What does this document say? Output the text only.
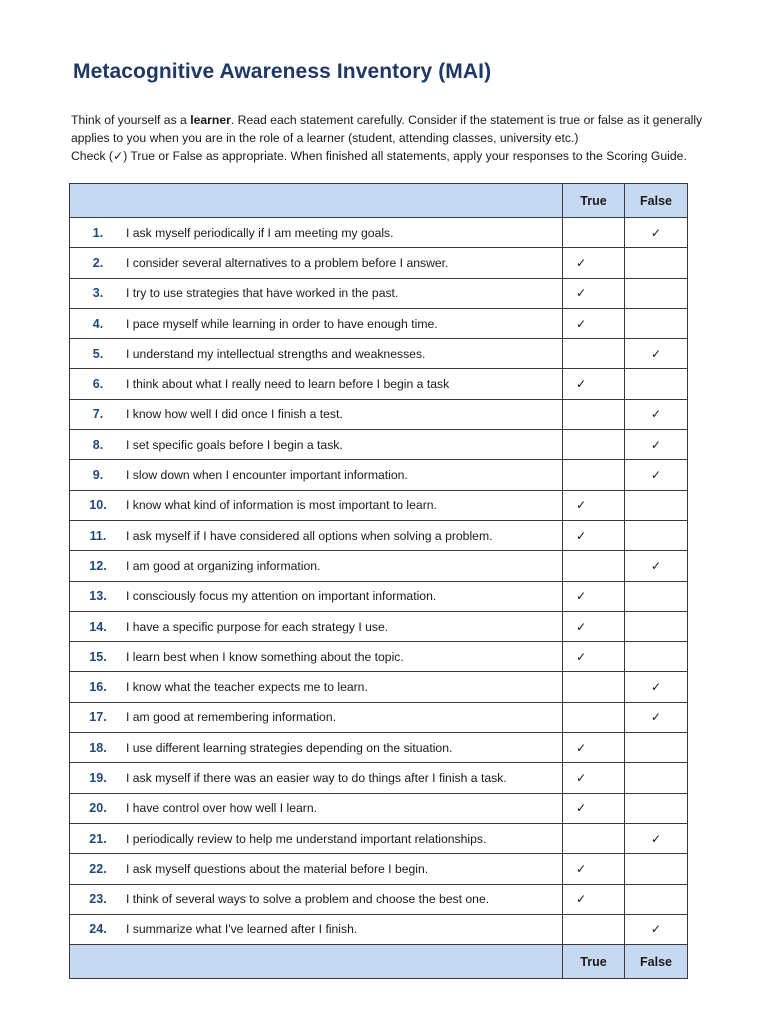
Metacognitive Awareness Inventory (MAI)

Think of yourself as a learner. Read each statement carefully. Consider if the statement is true or false as it generally

applies to you when you are in the role of a learner (student, attending classes, university etc.)

Check (✓) True or False as appropriate. When finished all statements, apply your responses to the Scoring Guide.

	True	False
1. I ask myself periodically if I am meeting my goals.		✓
2. I consider several alternatives to a problem before I answer.	✓	
3. I try to use strategies that have worked in the past.	✓	
4. I pace myself while learning in order to have enough time.	✓	
5. I understand my intellectual strengths and weaknesses.		✓
6. I think about what I really need to learn before I begin a task	✓	
7. I know how well I did once I finish a test.		✓
8. I set specific goals before I begin a task.		✓
9. I slow down when I encounter important information.		✓
10. I know what kind of information is most important to learn.	✓	
11. I ask myself if I have considered all options when solving a problem.	✓	
12. I am good at organizing information.		✓
13. I consciously focus my attention on important information.	✓	
14. I have a specific purpose for each strategy I use.	✓	
15. I learn best when I know something about the topic.	✓	
16. I know what the teacher expects me to learn.		✓
17. I am good at remembering information.		✓
18. I use different learning strategies depending on the situation.	✓	
19. I ask myself if there was an easier way to do things after I finish a task.	✓	
20. I have control over how well I learn.	✓	
21. I periodically review to help me understand important relationships.		✓
22. I ask myself questions about the material before I begin.	✓	
23. I think of several ways to solve a problem and choose the best one.	✓	
24. I summarize what I've learned after I finish.		✓
	True	False
